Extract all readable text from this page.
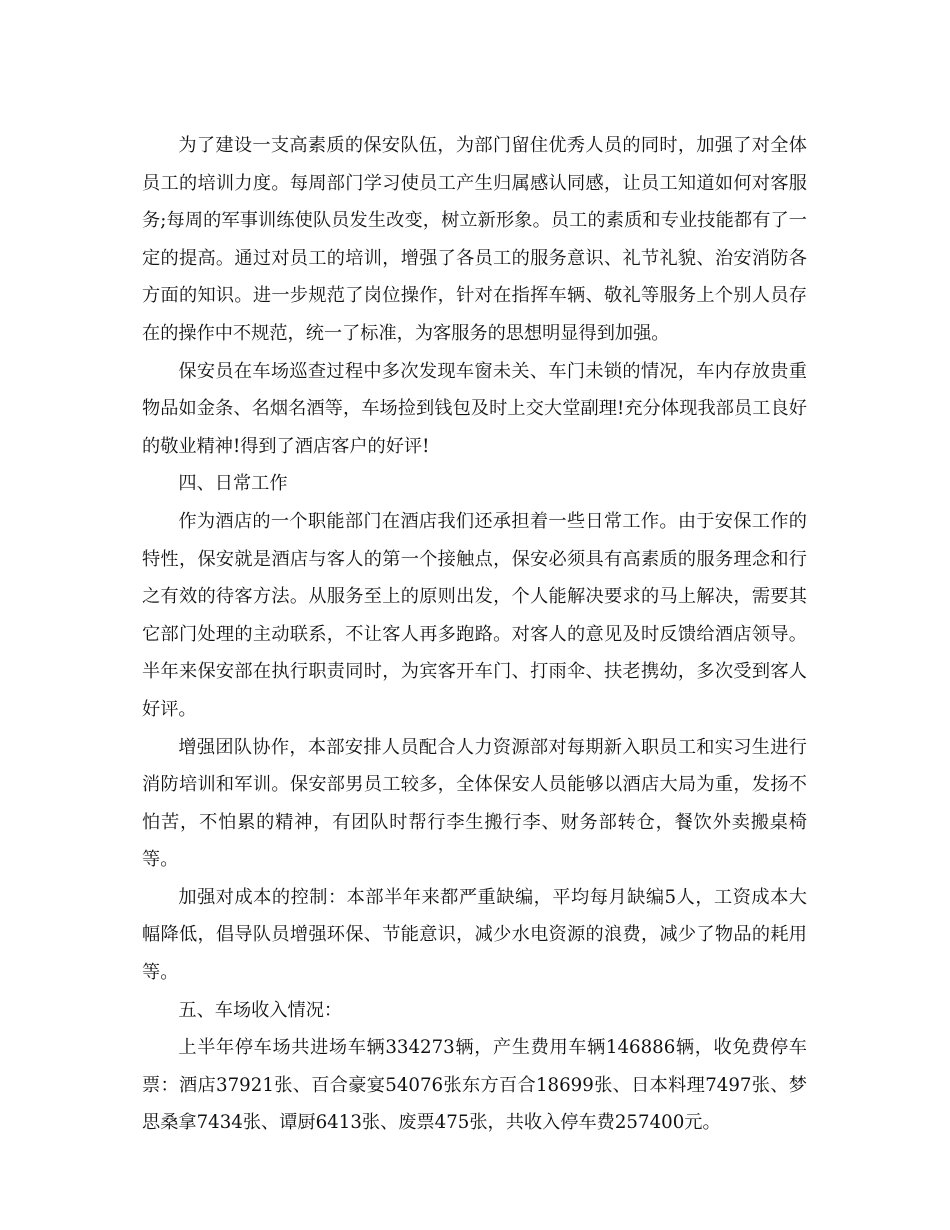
为了建设一支高素质的保安队伍，为部门留住优秀人员的同时，加强了对全体员工的培训力度。每周部门学习使员工产生归属感认同感，让员工知道如何对客服务;每周的军事训练使队员发生改变，树立新形象。员工的素质和专业技能都有了一定的提高。通过对员工的培训，增强了各员工的服务意识、礼节礼貌、治安消防各方面的知识。进一步规范了岗位操作，针对在指挥车辆、敬礼等服务上个别人员存在的操作中不规范，统一了标准，为客服务的思想明显得到加强。

保安员在车场巡查过程中多次发现车窗未关、车门未锁的情况，车内存放贵重物品如金条、名烟名酒等，车场捡到钱包及时上交大堂副理!充分体现我部员工良好的敬业精神!得到了酒店客户的好评!

四、日常工作

作为酒店的一个职能部门在酒店我们还承担着一些日常工作。由于安保工作的特性，保安就是酒店与客人的第一个接触点，保安必须具有高素质的服务理念和行之有效的待客方法。从服务至上的原则出发，个人能解决要求的马上解决，需要其它部门处理的主动联系，不让客人再多跑路。对客人的意见及时反馈给酒店领导。半年来保安部在执行职责同时，为宾客开车门、打雨伞、扶老携幼，多次受到客人好评。

增强团队协作，本部安排人员配合人力资源部对每期新入职员工和实习生进行消防培训和军训。保安部男员工较多，全体保安人员能够以酒店大局为重，发扬不怕苦，不怕累的精神，有团队时帮行李生搬行李、财务部转仓，餐饮外卖搬桌椅等。

加强对成本的控制：本部半年来都严重缺编，平均每月缺编5人，工资成本大幅降低，倡导队员增强环保、节能意识，减少水电资源的浪费，减少了物品的耗用等。

五、车场收入情况：

上半年停车场共进场车辆334273辆，产生费用车辆146886辆，收免费停车票：酒店37921张、百合豪宴54076张东方百合18699张、日本料理7497张、梦思桑拿7434张、谭厨6413张、废票475张，共收入停车费257400元。
